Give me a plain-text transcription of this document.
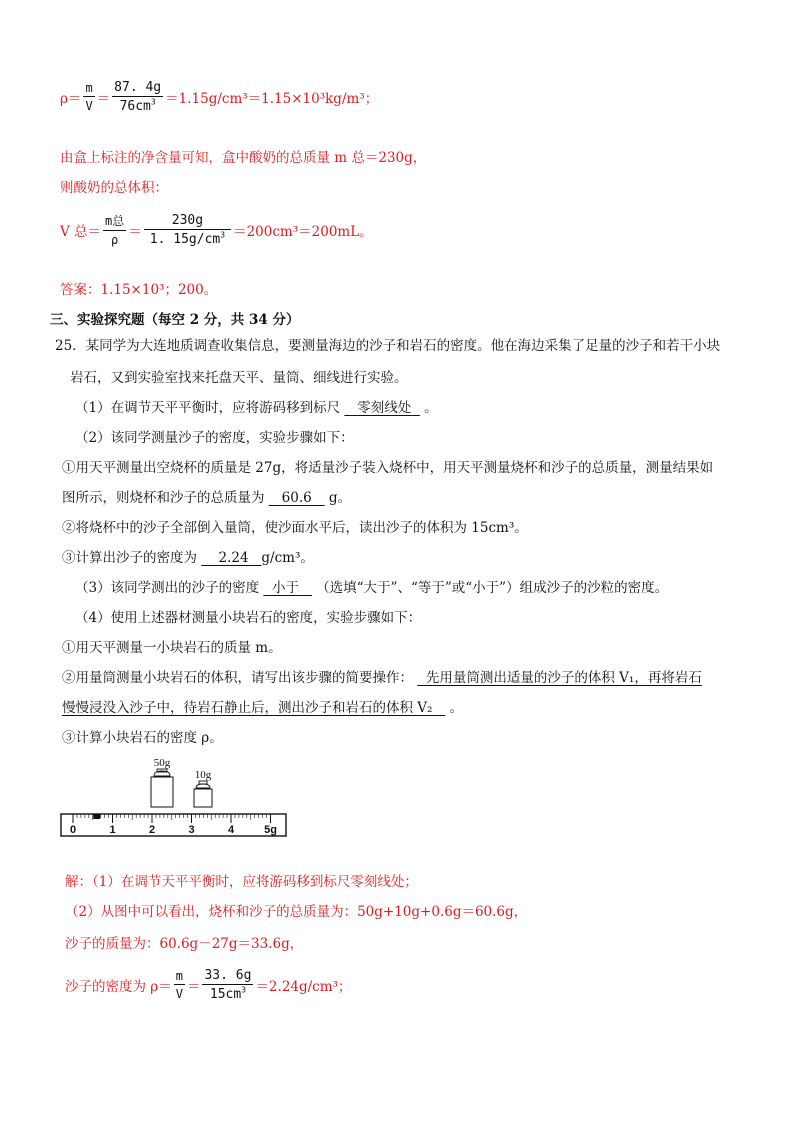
$\rho= \frac{m}{V} = \frac{87. 4g}{76cm^3} =1.15g/cm^3=1.15\times 10^3kg/m^3$；
由盒上标注的净含量可知，盒中酸奶的总质量 m 总＝230g，
则酸奶的总体积：
V 总＝ $\frac{\text{m总}}{\rho} = \frac{230g}{1. 15g/cm^3} =200cm^3=200mL$。
答案：1.15×10³；200。
三、实验探究题（每空 2 分，共 34 分）
25．某同学为大连地质调查收集信息，要测量海边的沙子和岩石的密度。他在海边采集了足量的沙子和若干小块
岩石，又到实验室找来托盘天平、量筒、细线进行实验。
（1）在调节天平平衡时，应将游码移到标尺 零刻线处 。
（2）该同学测量沙子的密度，实验步骤如下：
①用天平测量出空烧杯的质量是 27g，将适量沙子装入烧杯中，用天平测量烧杯和沙子的总质量，测量结果如
图所示，则烧杯和沙子的总质量为 60.6 g。
②将烧杯中的沙子全部倒入量筒，使沙面水平后，读出沙子的体积为 15cm³。
③计算出沙子的密度为 2.24 g/cm³。
（3）该同学测出的沙子的密度 小于 （选填“大于”、“等于”或“小于”）组成沙子的沙粒的密度。
（4）使用上述器材测量小块岩石的密度，实验步骤如下：
①用天平测量一小块岩石的质量 m。
②用量筒测量小块岩石的体积，请写出该步骤的简要操作： 先用量筒测出适量的沙子的体积 V₁，再将岩石
慢慢浸没入沙子中，待岩石静止后，测出沙子和岩石的体积 V₂ 。
③计算小块岩石的密度 ρ。
50g
10g
0	1	2	3	4	5g
解：（1）在调节天平平衡时，应将游码移到标尺零刻线处；
（2）从图中可以看出，烧杯和沙子的总质量为：50g+10g+0.6g＝60.6g，
沙子的质量为：60.6g－27g＝33.6g，
沙子的密度为 $\rho= \frac{m}{V} = \frac{33. 6g}{15cm^3} =2.24g/cm^3$；
